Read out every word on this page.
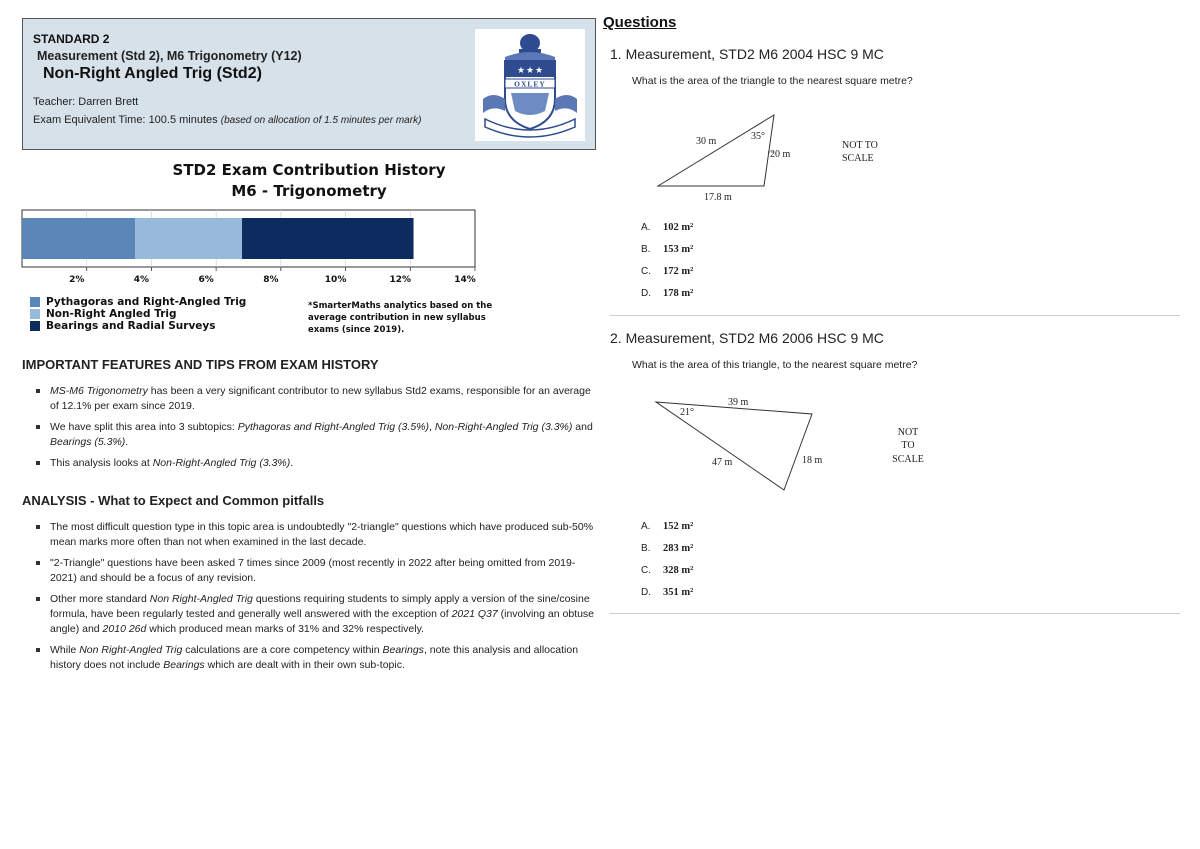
STANDARD 2
Measurement (Std 2), M6 Trigonometry (Y12)
Non-Right Angled Trig (Std2)
Teacher: Darren Brett
Exam Equivalent Time: 100.5 minutes (based on allocation of 1.5 minutes per mark)
★ ★ ★
OXLEY
STD2 Exam Contribution History
M6 - Trigonometry
2%	4%	6%	8%	10%	12%	14%
Pythagoras and Right-Angled Trig
Non-Right Angled Trig
Bearings and Radial Surveys
*SmarterMaths analytics based on the average contribution in new syllabus exams (since 2019).
IMPORTANT FEATURES AND TIPS FROM EXAM HISTORY
MS-M6 Trigonometry has been a very significant contributor to new syllabus Std2 exams, responsible for an average of 12.1% per exam since 2019.
We have split this area into 3 subtopics: Pythagoras and Right-Angled Trig (3.5%), Non-Right-Angled Trig (3.3%) and Bearings (5.3%).
This analysis looks at Non-Right-Angled Trig (3.3%).
ANALYSIS - What to Expect and Common pitfalls
The most difficult question type in this topic area is undoubtedly "2-triangle" questions which have produced sub-50% mean marks more often than not when examined in the last decade.
"2-Triangle" questions have been asked 7 times since 2009 (most recently in 2022 after being omitted from 2019-2021) and should be a focus of any revision.
Other more standard Non Right-Angled Trig questions requiring students to simply apply a version of the sine/cosine formula, have been regularly tested and generally well answered with the exception of 2021 Q37 (involving an obtuse angle) and 2010 26d which produced mean marks of 31% and 32% respectively.
While Non Right-Angled Trig calculations are a core competency within Bearings, note this analysis and allocation history does not include Bearings which are dealt with in their own sub-topic.
Questions
1. Measurement, STD2 M6 2004 HSC 9 MC
What is the area of the triangle to the nearest square metre?
30 m	35°
20 m
17.8 m
NOT TO
SCALE
A. 102 m²
B. 153 m²
C. 172 m²
D. 178 m²
2. Measurement, STD2 M6 2006 HSC 9 MC
What is the area of this triangle, to the nearest square metre?
21°
39 m
47 m	18 m
NOT
TO
SCALE
A. 152 m²
B. 283 m²
C. 328 m²
D. 351 m²
